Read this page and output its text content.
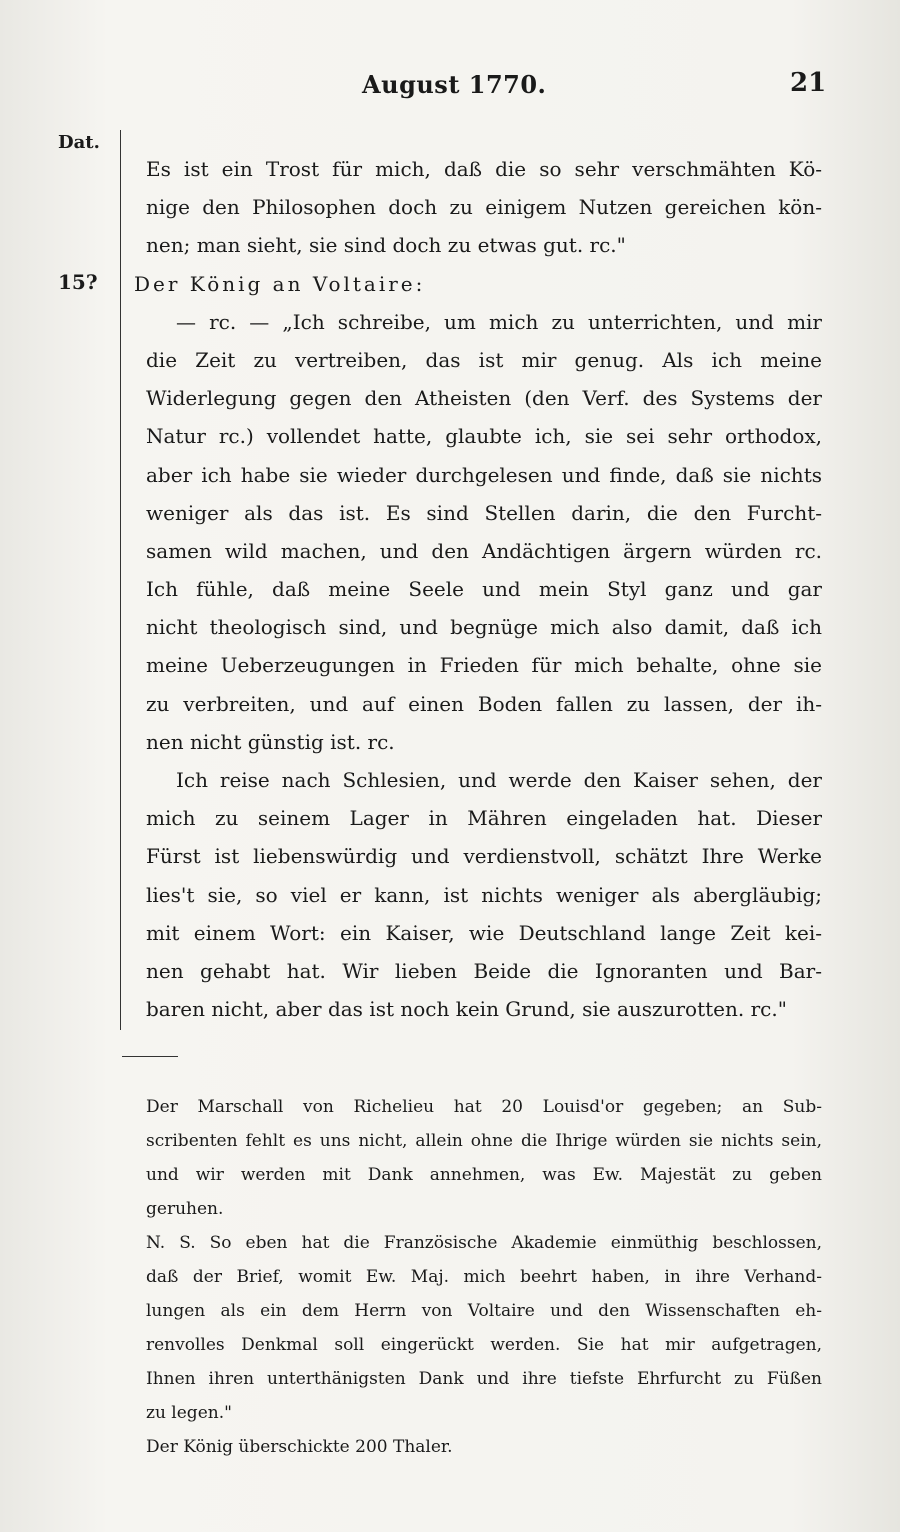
August 1770.	21
Dat.
15?
Es ist ein Trost für mich, daß die so sehr verschmähten Kö-
nige den Philosophen doch zu einigem Nutzen gereichen kön-
nen; man sieht, sie sind doch zu etwas gut. rc."
Der König an Voltaire:
— rc. — „Ich schreibe, um mich zu unterrichten, und mir
die Zeit zu vertreiben, das ist mir genug. Als ich meine
Widerlegung gegen den Atheisten (den Verf. des Systems der
Natur rc.) vollendet hatte, glaubte ich, sie sei sehr orthodox,
aber ich habe sie wieder durchgelesen und finde, daß sie nichts
weniger als das ist. Es sind Stellen darin, die den Furcht-
samen wild machen, und den Andächtigen ärgern würden rc.
Ich fühle, daß meine Seele und mein Styl ganz und gar
nicht theologisch sind, und begnüge mich also damit, daß ich
meine Ueberzeugungen in Frieden für mich behalte, ohne sie
zu verbreiten, und auf einen Boden fallen zu lassen, der ih-
nen nicht günstig ist. rc.
Ich reise nach Schlesien, und werde den Kaiser sehen, der
mich zu seinem Lager in Mähren eingeladen hat. Dieser
Fürst ist liebenswürdig und verdienstvoll, schätzt Ihre Werke
lies't sie, so viel er kann, ist nichts weniger als abergläubig;
mit einem Wort: ein Kaiser, wie Deutschland lange Zeit kei-
nen gehabt hat. Wir lieben Beide die Ignoranten und Bar-
baren nicht, aber das ist noch kein Grund, sie auszurotten. rc."
Der Marschall von Richelieu hat 20 Louisd'or gegeben; an Sub-
scribenten fehlt es uns nicht, allein ohne die Ihrige würden sie nichts sein,
und wir werden mit Dank annehmen, was Ew. Majestät zu geben
geruhen.
N. S. So eben hat die Französische Akademie einmüthig beschlossen,
daß der Brief, womit Ew. Maj. mich beehrt haben, in ihre Verhand-
lungen als ein dem Herrn von Voltaire und den Wissenschaften eh-
renvolles Denkmal soll eingerückt werden. Sie hat mir aufgetragen,
Ihnen ihren unterthänigsten Dank und ihre tiefste Ehrfurcht zu Füßen
zu legen."
Der König überschickte 200 Thaler.
